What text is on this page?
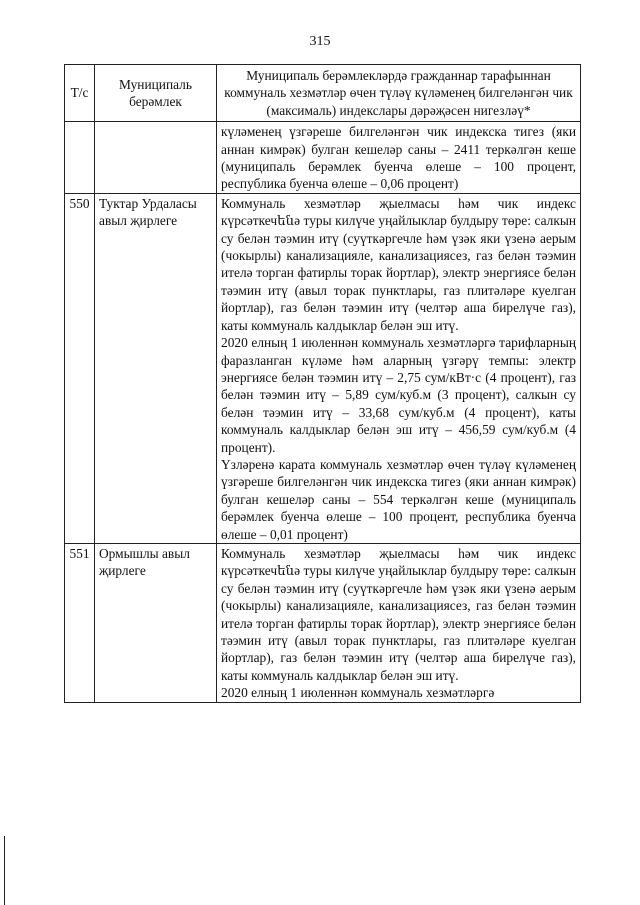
315
Т/с	Муниципаль берәмлек	Муниципаль берәмлекләрдә гражданнар тарафыннан коммуналь хезмәтләр өчен түләү күләменең билгеләнгән чик (максималь) индекслары дәрәҗәсен нигезләү*

		күләменең үзгәреше билгеләнгән чик индекска тигез (яки аннан кимрәк) булган кешеләр саны – 2411 теркәлгән кеше (муниципаль берәмлек буенча өлеше – 100 процент, республика буенча өлеше – 0,06 процент)

550	Туктар Урдаласы авыл җирлеге	Коммуналь хезмәтләр җыелмасы һәм чик индекс күрсәткечենә туры килүче уңайлыклар булдыру төре: салкын су белән тәэмин итү (суүткәргечле һәм үзәк яки үзенә аерым (чокырлы) канализацияле, канализациясез, газ белән тәэмин ителә торган фатирлы торак йортлар), электр энергиясе белән тәэмин итү (авыл торак пунктлары, газ плитәләре куелган йортлар), газ белән тәэмин итү (челтәр аша бирелүче газ), каты коммуналь калдыклар белән эш итү.

2020 елның 1 июленнән коммуналь хезмәтләргә тарифларның фаразланган күләме һәм аларның үзгәрү темпы: электр энергиясе белән тәэмин итү – 2,75 сум/кВт·с (4 процент), газ белән тәэмин итү – 5,89 сум/куб.м (3 процент), салкын су белән тәэмин итү – 33,68 сум/куб.м (4 процент), каты коммуналь калдыклар белән эш итү – 456,59 сум/куб.м (4 процент).

Үзләренә карата коммуналь хезмәтләр өчен түләү күләменең үзгәреше билгеләнгән чик индекска тигез (яки аннан кимрәк) булган кешеләр саны – 554 теркәлгән кеше (муниципаль берәмлек буенча өлеше – 100 процент, республика буенча өлеше – 0,01 процент)

551	Ормышлы авыл җирлеге	Коммуналь хезмәтләр җыелмасы һәм чик индекс күрсәткечենә туры килүче уңайлыклар булдыру төре: салкын су белән тәэмин итү (суүткәргечле һәм үзәк яки үзенә аерым (чокырлы) канализацияле, канализациясез, газ белән тәэмин ителә торган фатирлы торак йортлар), электр энергиясе белән тәэмин итү (авыл торак пунктлары, газ плитәләре куелган йортлар), газ белән тәэмин итү (челтәр аша бирелүче газ), каты коммуналь калдыклар белән эш итү.

2020 елның 1 июленнән коммуналь хезмәтләргә
